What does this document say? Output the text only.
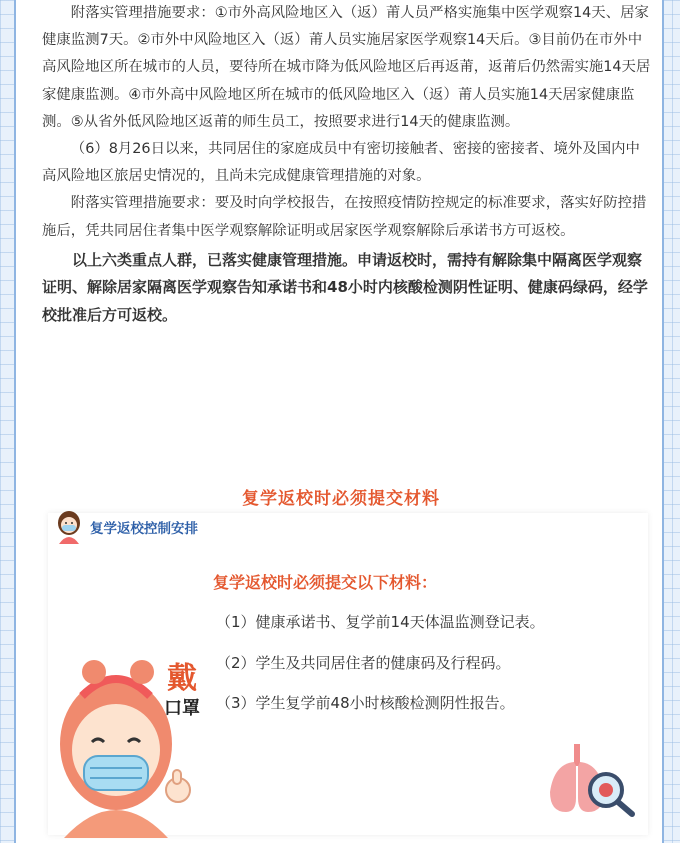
附落实管理措施要求：①市外高风险地区入（返）莆人员严格实施集中医学观察14天、居家健康监测7天。②市外中风险地区入（返）莆人员实施居家医学观察14天后。③目前仍在市外中高风险地区所在城市的人员，要待所在城市降为低风险地区后再返莆，返莆后仍然需实施14天居家健康监测。④市外高中风险地区所在城市的低风险地区入（返）莆人员实施14天居家健康监测。⑤从省外低风险地区返莆的师生员工，按照要求进行14天的健康监测。

（6）8月26日以来，共同居住的家庭成员中有密切接触者、密接的密接者、境外及国内中高风险地区旅居史情况的，且尚未完成健康管理措施的对象。

附落实管理措施要求：要及时向学校报告，在按照疫情防控规定的标准要求，落实好防控措施后，凭共同居住者集中医学观察解除证明或居家医学观察解除后承诺书方可返校。

以上六类重点人群，已落实健康管理措施。申请返校时，需持有解除集中隔离医学观察证明、解除居家隔离医学观察告知承诺书和48小时内核酸检测阴性证明、健康码绿码，经学校批准后方可返校。

复学返校时必须提交材料
复学返校控制安排
复学返校时必须提交以下材料：
（1）健康承诺书、复学前14天体温监测登记表。
（2）学生及共同居住者的健康码及行程码。
（3）学生复学前48小时核酸检测阴性报告。
戴
口罩
